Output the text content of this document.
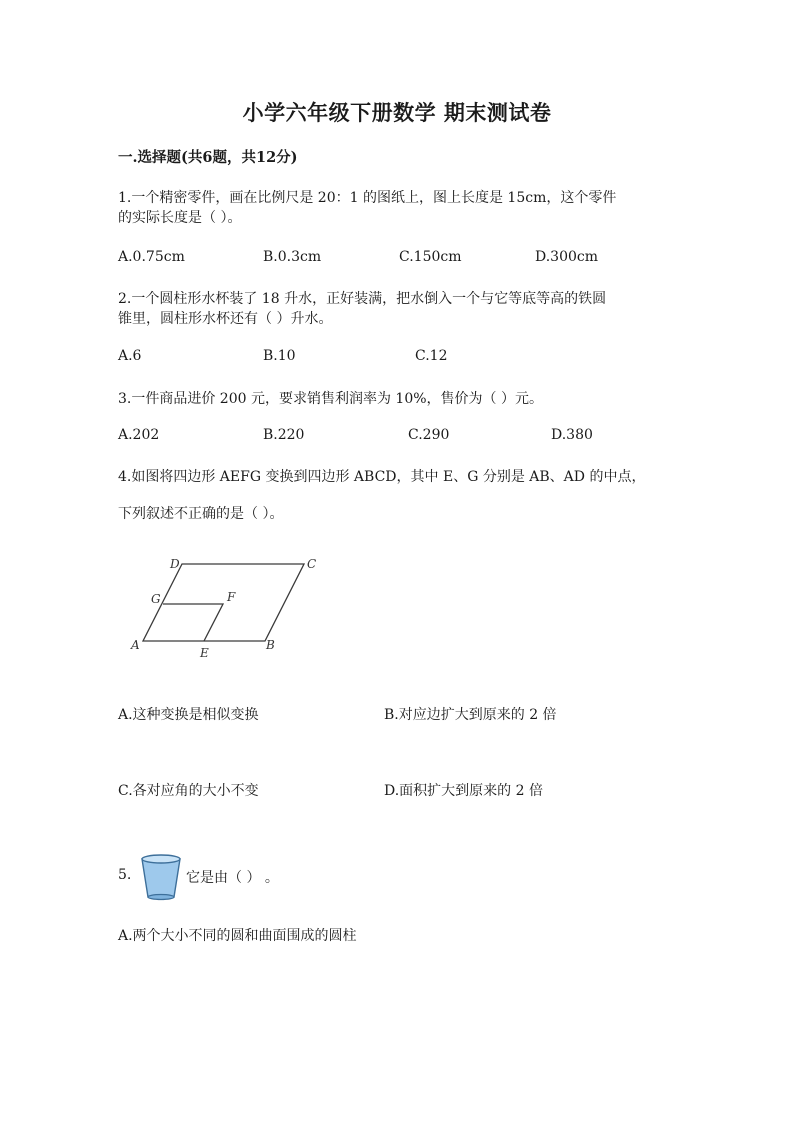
小学六年级下册数学 期末测试卷
一.选择题(共6题，共12分)
1.一个精密零件，画在比例尺是 20：1 的图纸上，图上长度是 15cm，这个零件
的实际长度是（ ）。
A.0.75cm	B.0.3cm	C.150cm	D.300cm
2.一个圆柱形水杯装了 18 升水，正好装满，把水倒入一个与它等底等高的铁圆
锥里，圆柱形水杯还有（ ）升水。
A.6	B.10	C.12
3.一件商品进价 200 元，要求销售利润率为 10%，售价为（ ）元。
A.202	B.220	C.290	D.380
4.如图将四边形 AEFG 变换到四边形 ABCD，其中 E、G 分别是 AB、AD 的中点，
下列叙述不正确的是（ ）。
A	B
C
D
E
F
G
A.这种变换是相似变换	B.对应边扩大到原来的 2 倍
C.各对应角的大小不变	D.面积扩大到原来的 2 倍
5.	它是由（ ） 。
A.两个大小不同的圆和曲面围成的圆柱
